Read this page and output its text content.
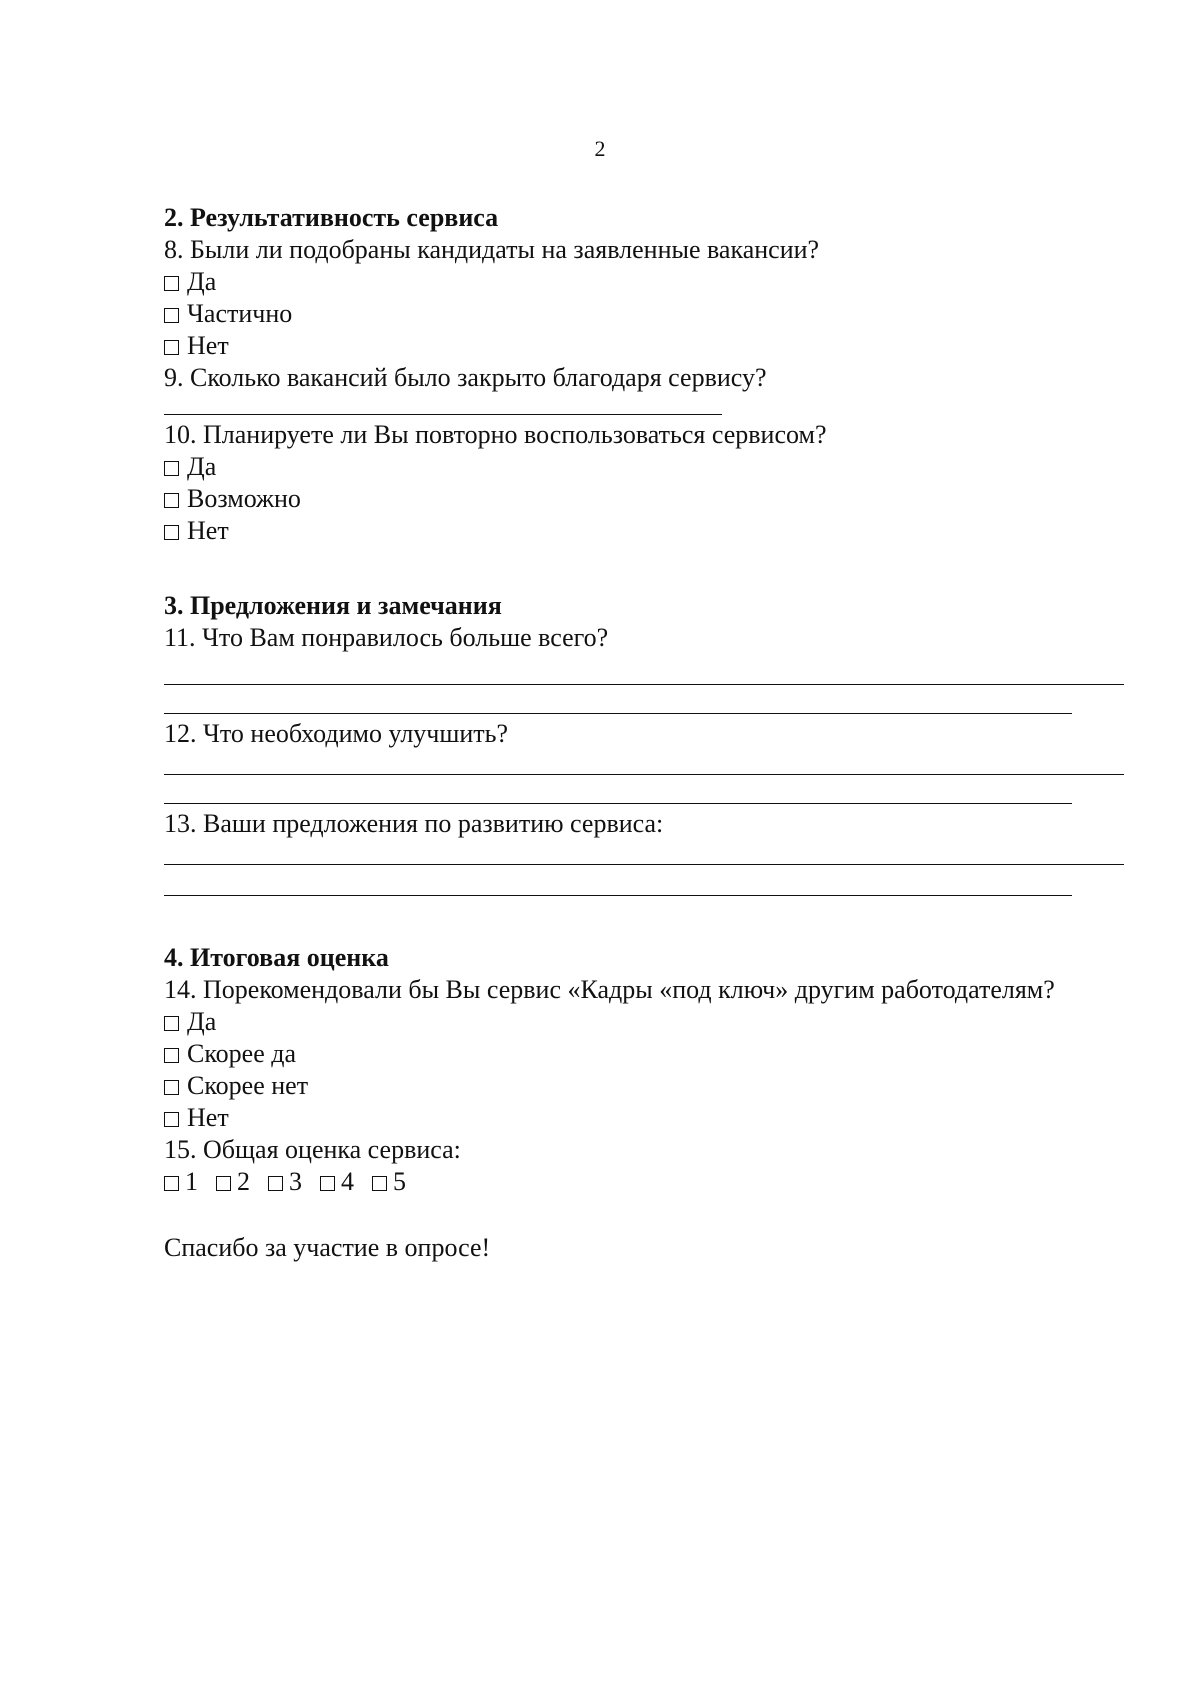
2

2. Результативность сервиса

8. Были ли подобраны кандидаты на заявленные вакансии?

Да
Частично
Нет

9. Сколько вакансий было закрыто благодаря сервису?

10. Планируете ли Вы повторно воспользоваться сервисом?

Да
Возможно
Нет

3. Предложения и замечания

11. Что Вам понравилось больше всего?

12. Что необходимо улучшить?

13. Ваши предложения по развитию сервиса:

4. Итоговая оценка

14. Порекомендовали бы Вы сервис «Кадры «под ключ» другим работодателям?

Да
Скорее да
Скорее нет
Нет

15. Общая оценка сервиса:

1 2 3 4 5

Спасибо за участие в опросе!
